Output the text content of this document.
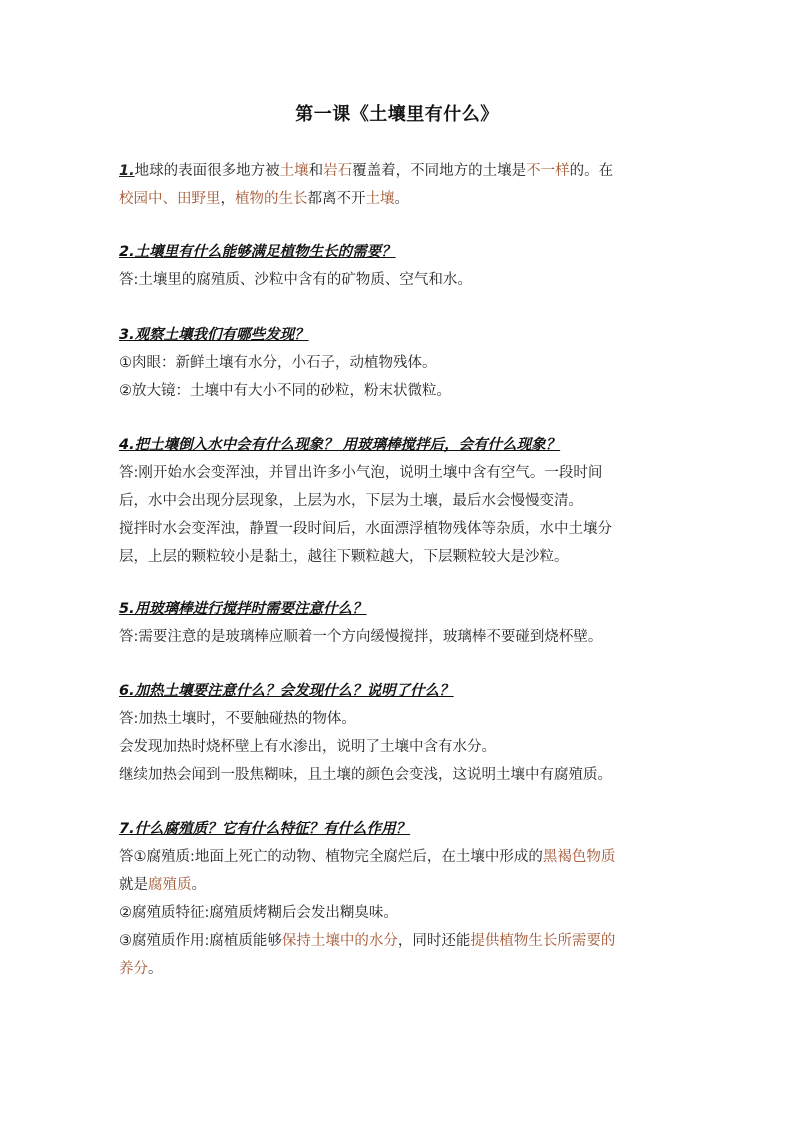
第一课《土壤里有什么》
1.地球的表面很多地方被土壤和岩石覆盖着，不同地方的土壤是不一样的。在
校园中、田野里，植物的生长都离不开土壤。
2.土壤里有什么能够满足植物生长的需要？
答:土壤里的腐殖质、沙粒中含有的矿物质、空气和水。
3.观察土壤我们有哪些发现？
①肉眼：新鲜土壤有水分，小石子，动植物残体。
②放大镜：土壤中有大小不同的砂粒，粉末状微粒。
4.把土壤倒入水中会有什么现象？ 用玻璃棒搅拌后，会有什么现象？
答:刚开始水会变浑浊，并冒出许多小气泡，说明土壤中含有空气。一段时间
后，水中会出现分层现象，上层为水，下层为土壤，最后水会慢慢变清。
搅拌时水会变浑浊，静置一段时间后，水面漂浮植物残体等杂质，水中土壤分
层，上层的颗粒较小是黏土，越往下颗粒越大，下层颗粒较大是沙粒。
5.用玻璃棒进行搅拌时需要注意什么？
答:需要注意的是玻璃棒应顺着一个方向缓慢搅拌，玻璃棒不要碰到烧杯壁。
6.加热土壤要注意什么？会发现什么？说明了什么？
答:加热土壤时，不要触碰热的物体。
会发现加热时烧杯壁上有水渗出，说明了土壤中含有水分。
继续加热会闻到一股焦糊味，且土壤的颜色会变浅，这说明土壤中有腐殖质。
7.什么腐殖质？它有什么特征？有什么作用？
答①腐殖质:地面上死亡的动物、植物完全腐烂后，在土壤中形成的黑褐色物质
就是腐殖质。
②腐殖质特征:腐殖质烤糊后会发出糊臭味。
③腐殖质作用:腐植质能够保持土壤中的水分，同时还能提供植物生长所需要的
养分。
